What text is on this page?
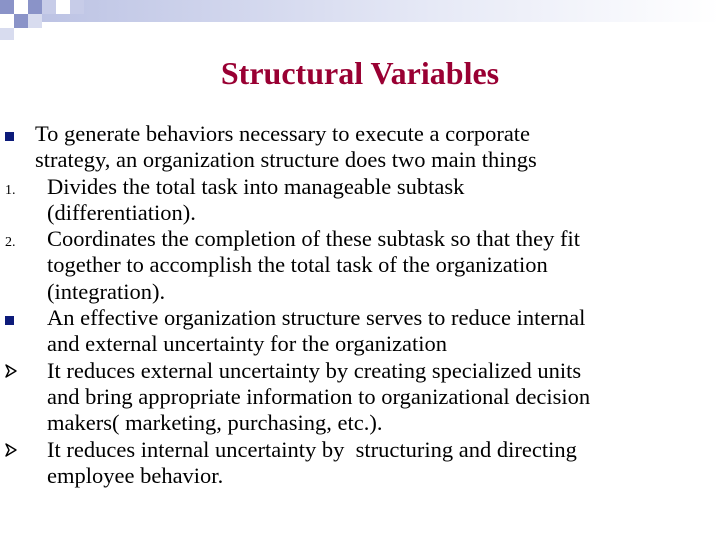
Structural Variables
To generate behaviors necessary to execute a corporate
strategy, an organization structure does two main things
1.	Divides the total task into manageable subtask
(differentiation).
2.	Coordinates the completion of these subtask so that they fit
together to accomplish the total task of the organization
(integration).
An effective organization structure serves to reduce internal
and external uncertainty for the organization
It reduces external uncertainty by creating specialized units
and bring appropriate information to organizational decision
makers( marketing, purchasing, etc.).
It reduces internal uncertainty by  structuring and directing
employee behavior.
